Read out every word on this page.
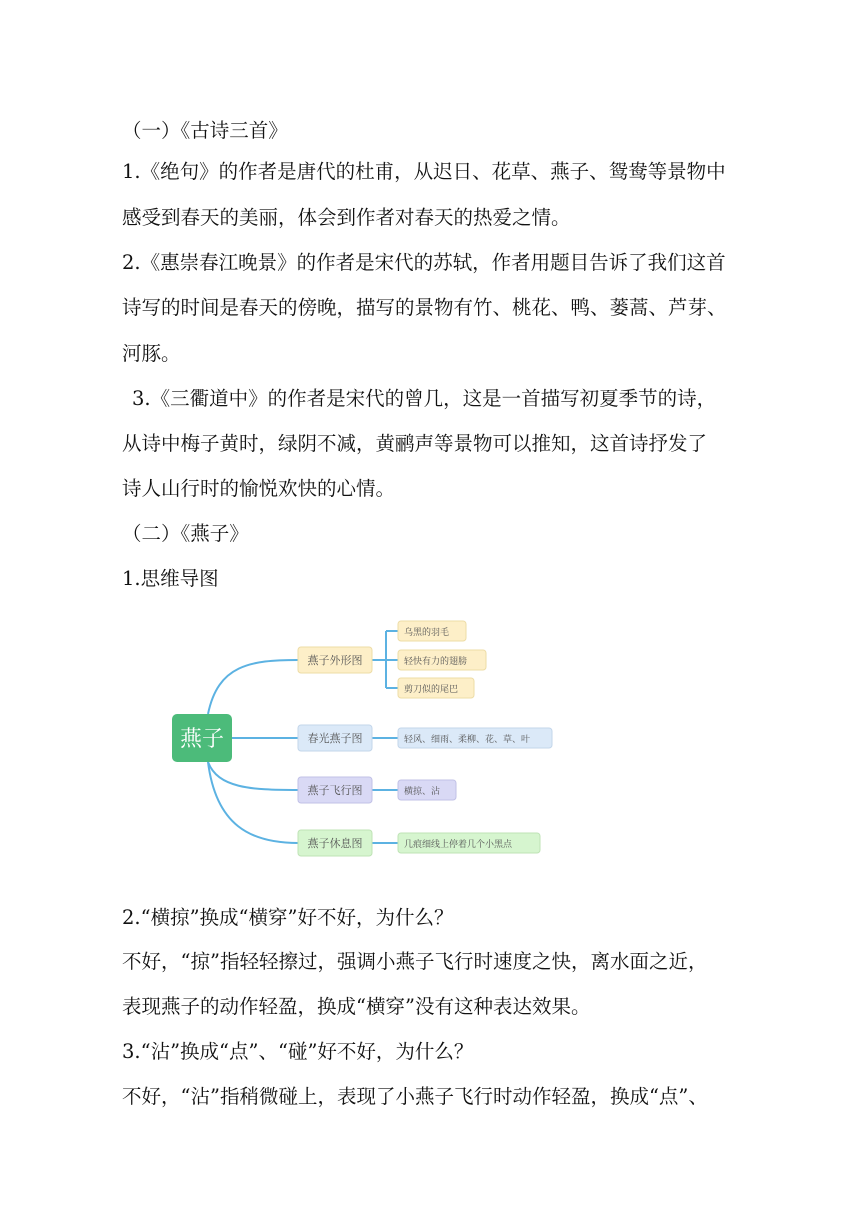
（一）《古诗三首》

1.《绝句》的作者是唐代的杜甫，从迟日、花草、燕子、鸳鸯等景物中

感受到春天的美丽，体会到作者对春天的热爱之情。

2.《惠崇春江晚景》的作者是宋代的苏轼，作者用题目告诉了我们这首

诗写的时间是春天的傍晚，描写的景物有竹、桃花、鸭、蒌蒿、芦芽、

河豚。

3.《三衢道中》的作者是宋代的曾几，这是一首描写初夏季节的诗，

从诗中梅子黄时，绿阴不减，黄鹂声等景物可以推知，这首诗抒发了

诗人山行时的愉悦欢快的心情。

（二）《燕子》

1.思维导图

燕子
燕子外形图
乌黑的羽毛
轻快有力的翅膀
剪刀似的尾巴
春光燕子图	轻风、细雨、柔柳、花、草、叶
燕子飞行图	横掠、沾
燕子休息图	几痕细线上停着几个小黑点

2.“横掠”换成“横穿”好不好，为什么？

不好，“掠”指轻轻擦过，强调小燕子飞行时速度之快，离水面之近，

表现燕子的动作轻盈，换成“横穿”没有这种表达效果。

3.“沾”换成“点”、“碰”好不好，为什么？

不好，“沾”指稍微碰上，表现了小燕子飞行时动作轻盈，换成“点”、
